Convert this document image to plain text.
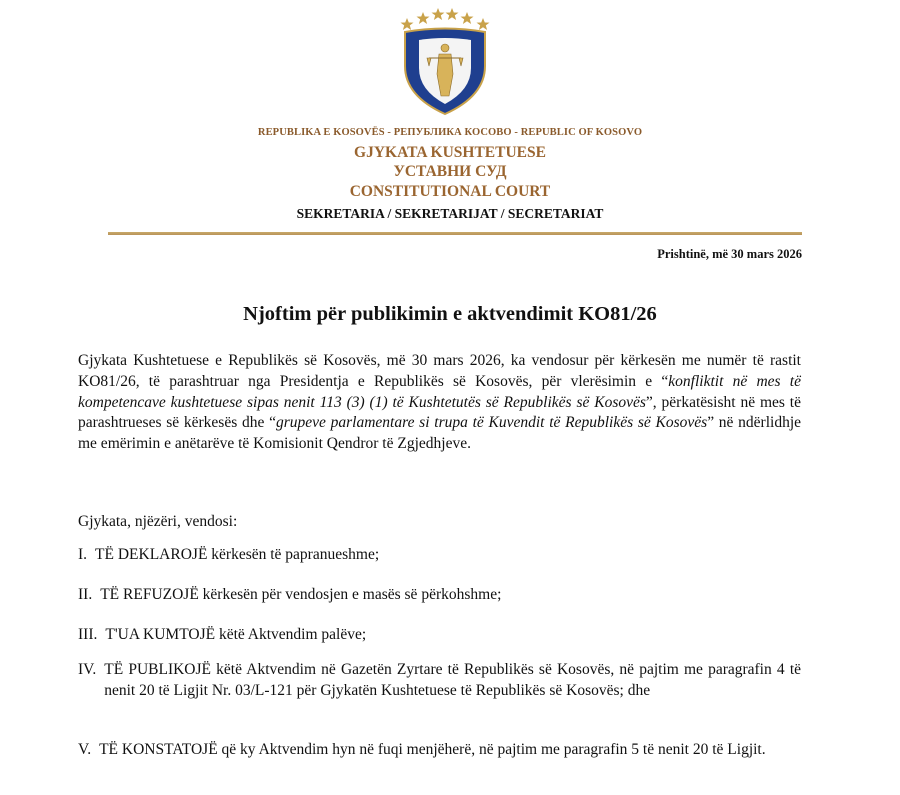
REPUBLIKA E KOSOVËS - РЕПУБЛИКА КОСОВО - REPUBLIC OF KOSOVO
GJYKATA KUSHTETUESE
УСТАВНИ СУД
CONSTITUTIONAL COURT
SEKRETARIA / SEKRETARIJAT / SECRETARIAT
Prishtinë, më 30 mars 2026
Njoftim për publikimin e aktvendimit KO81/26
Gjykata Kushtetuese e Republikës së Kosovës, më 30 mars 2026, ka vendosur për kërkesën me numër të rastit KO81/26, të parashtruar nga Presidentja e Republikës së Kosovës, për vlerësimin e “konfliktit në mes të kompetencave kushtetuese sipas nenit 113 (3) (1) të Kushtetutës së Republikës së Kosovës”, përkatësisht në mes të parashtrueses së kërkesës dhe “grupeve parlamentare si trupa të Kuvendit të Republikës së Kosovës” në ndërlidhje me emërimin e anëtarëve të Komisionit Qendror të Zgjedhjeve.
Gjykata, njëzëri, vendosi:
I. TË DEKLAROJË kërkesën të papranueshme;
II. TË REFUZOJË kërkesën për vendosjen e masës së përkohshme;
III. T'UA KUMTOJË këtë Aktvendim palëve;
IV. TË PUBLIKOJË këtë Aktvendim në Gazetën Zyrtare të Republikës së Kosovës, në pajtim me paragrafin 4 të nenit 20 të Ligjit Nr. 03/L-121 për Gjykatën Kushtetuese të Republikës së Kosovës; dhe
V. TË KONSTATOJË që ky Aktvendim hyn në fuqi menjëherë, në pajtim me paragrafin 5 të nenit 20 të Ligjit.
